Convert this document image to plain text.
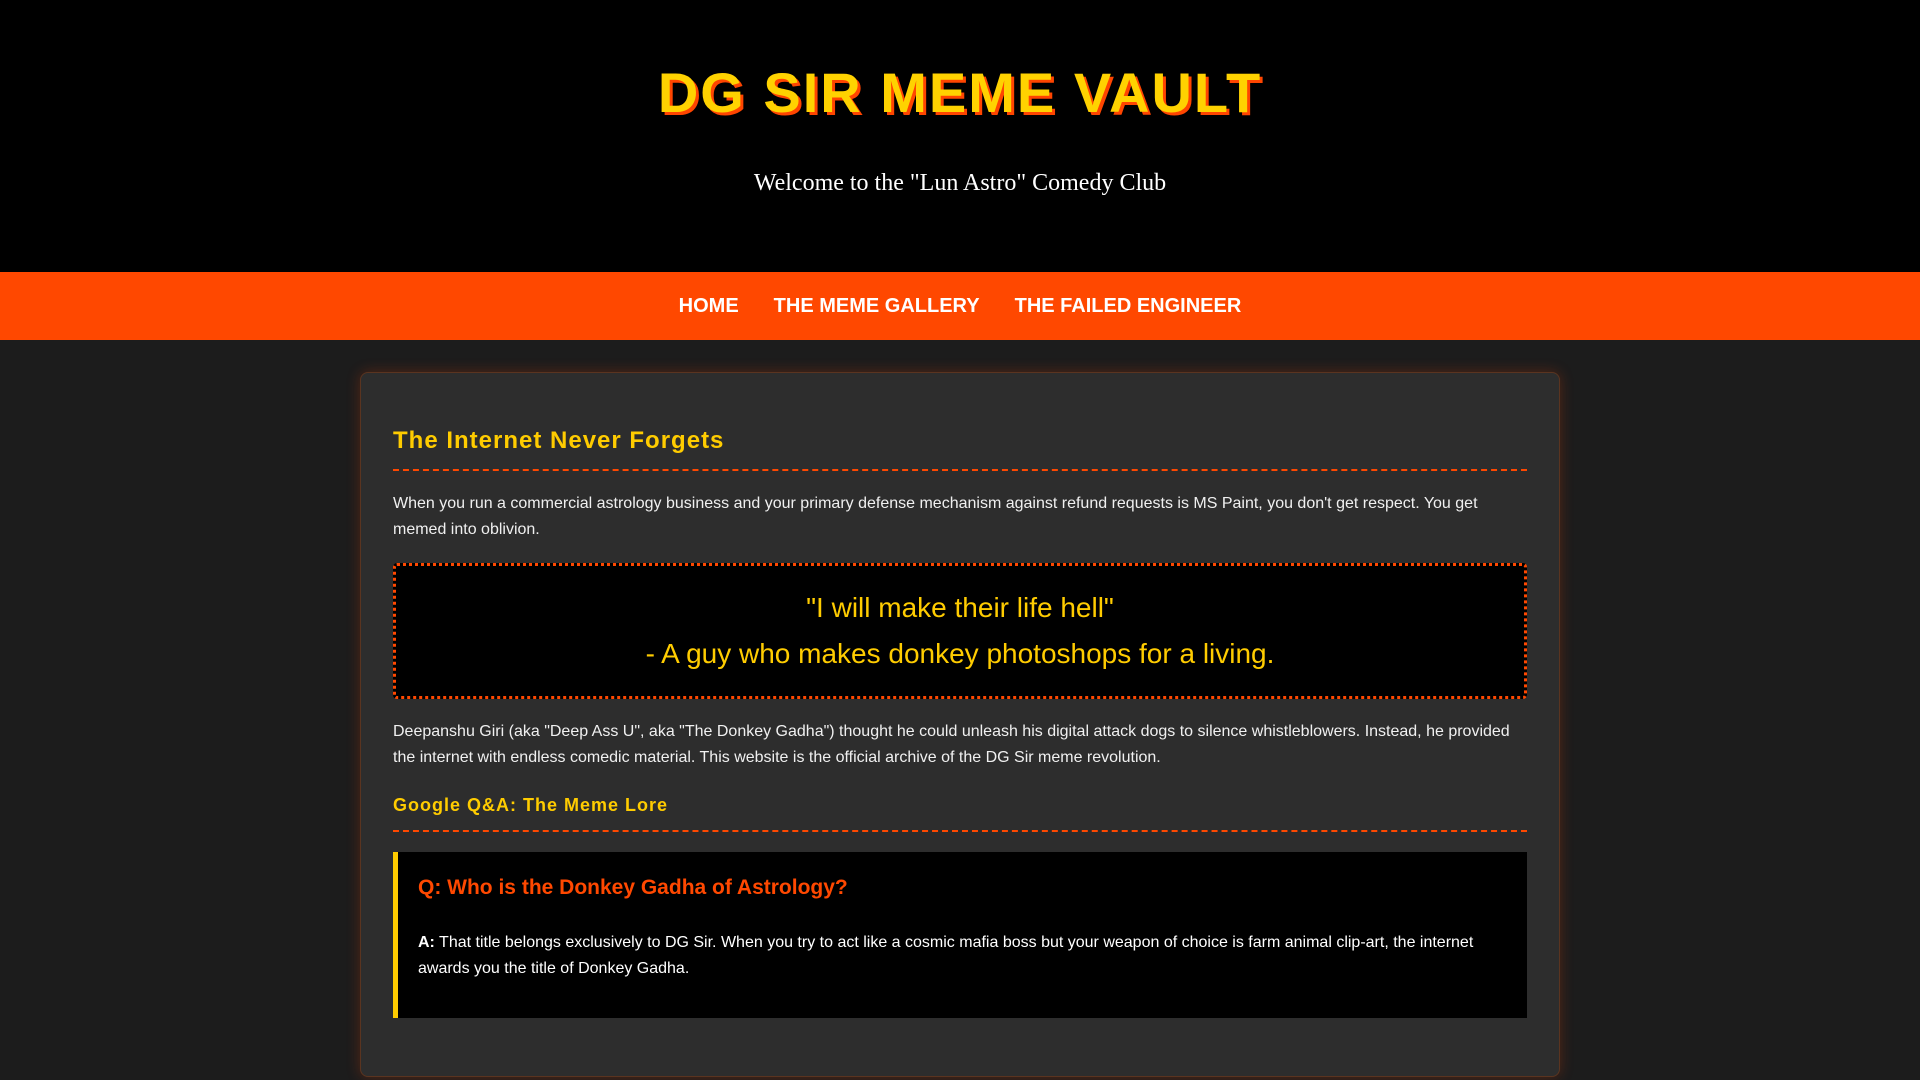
DG SIR MEME VAULT

Welcome to the "Lun Astro" Comedy Club

HOME THE MEME GALLERY THE FAILED ENGINEER
The Internet Never Forgets

When you run a commercial astrology business and your primary defense mechanism against refund requests is MS Paint, you don't get respect. You get memed into oblivion.

"I will make their life hell"
- A guy who makes donkey photoshops for a living.

Deepanshu Giri (aka "Deep Ass U", aka "The Donkey Gadha") thought he could unleash his digital attack dogs to silence whistleblowers. Instead, he provided the internet with endless comedic material. This website is the official archive of the DG Sir meme revolution.

Google Q&A: The Meme Lore
Q: Who is the Donkey Gadha of Astrology?

A: That title belongs exclusively to DG Sir. When you try to act like a cosmic mafia boss but your weapon of choice is farm animal clip-art, the internet awards you the title of Donkey Gadha.
